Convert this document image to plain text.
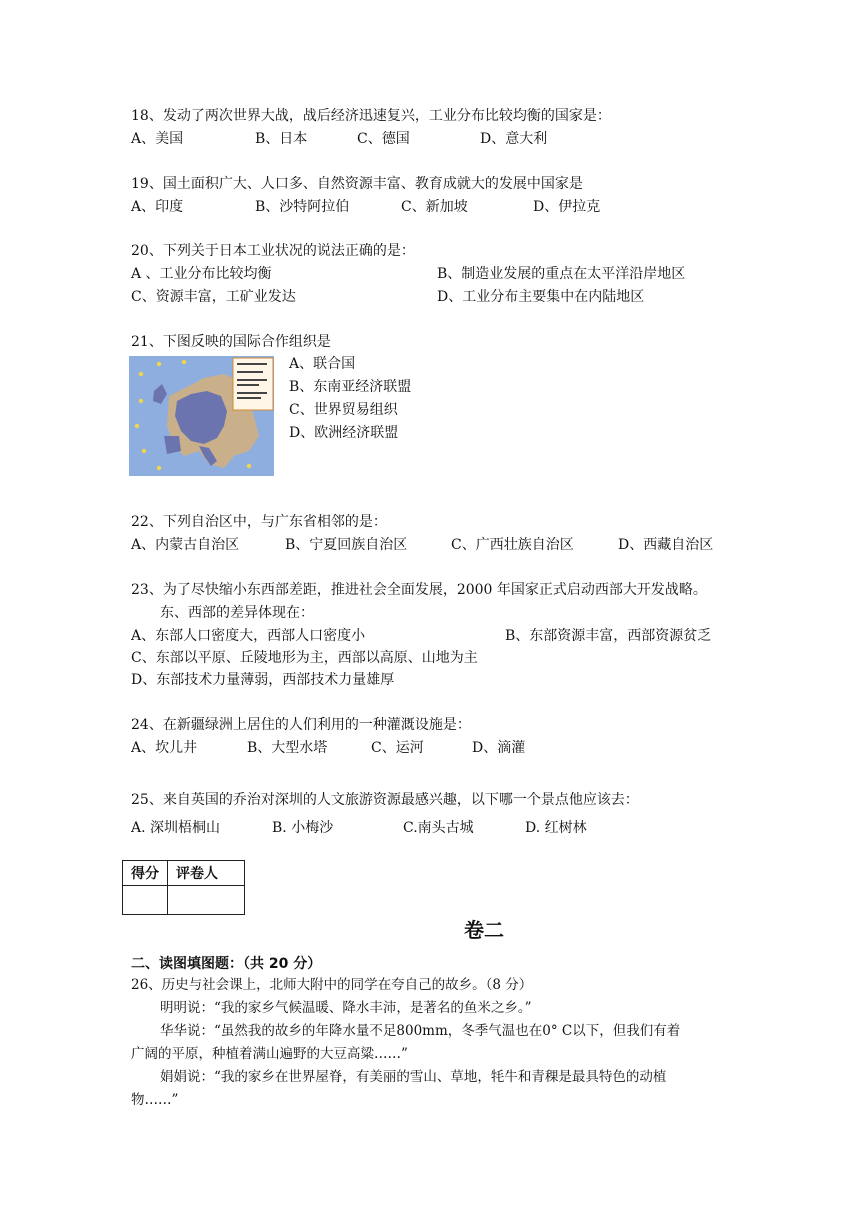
18、发动了两次世界大战，战后经济迅速复兴，工业分布比较均衡的国家是：
A、美国	B、日本	C、德国	D、意大利
19、国土面积广大、人口多、自然资源丰富、教育成就大的发展中国家是
A、印度	B、沙特阿拉伯	C、新加坡	D、伊拉克
20、下列关于日本工业状况的说法正确的是：
A 、工业分布比较均衡	B、制造业发展的重点在太平洋沿岸地区
C、资源丰富，工矿业发达	D、工业分布主要集中在内陆地区
21、下图反映的国际合作组织是
A、联合国
B、东南亚经济联盟
C、世界贸易组织
D、欧洲经济联盟
22、下列自治区中，与广东省相邻的是：
A、内蒙古自治区	B、宁夏回族自治区	C、广西壮族自治区	D、西藏自治区
23、为了尽快缩小东西部差距，推进社会全面发展，2000 年国家正式启动西部大开发战略。
东、西部的差异体现在：
A、东部人口密度大，西部人口密度小	B、东部资源丰富，西部资源贫乏
C、东部以平原、丘陵地形为主，西部以高原、山地为主
D、东部技术力量薄弱，西部技术力量雄厚
24、在新疆绿洲上居住的人们利用的一种灌溉设施是：
A、坎儿井	B、大型水塔	C、运河	D、滴灌
25、来自英国的乔治对深圳的人文旅游资源最感兴趣，以下哪一个景点他应该去：
A. 深圳梧桐山	B. 小梅沙	C.南头古城	D. 红树林
得分	评卷人

卷二
二、读图填图题：（共 20 分）
26、历史与社会课上，北师大附中的同学在夸自己的故乡。（8 分）
明明说：“我的家乡气候温暖、降水丰沛，是著名的鱼米之乡。”
华华说：“虽然我的故乡的年降水量不足800mm，冬季气温也在0° C以下，但我们有着
广阔的平原，种植着满山遍野的大豆高粱……”
娟娟说：“我的家乡在世界屋脊，有美丽的雪山、草地，牦牛和青稞是最具特色的动植
物……”
